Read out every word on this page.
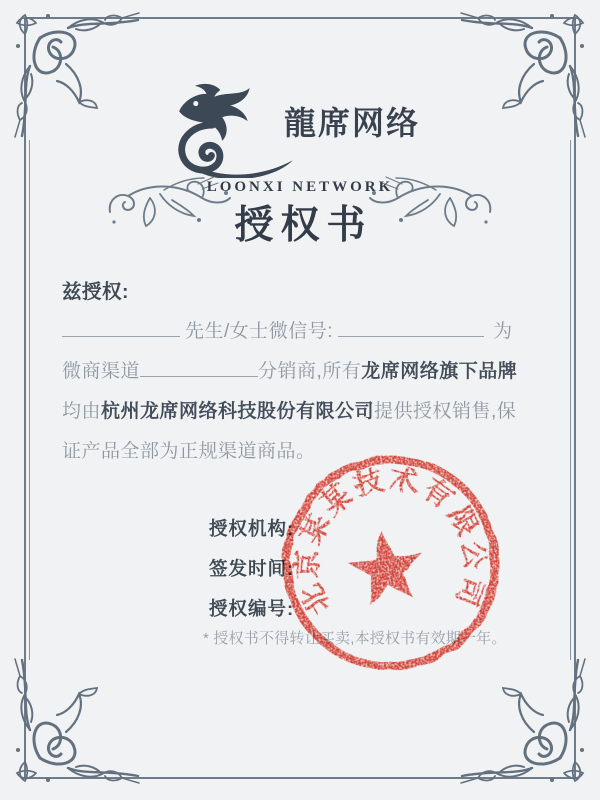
龍席网络
LOONXI NETWORK
授权书
兹授权:
先生/女士微信号:	为
微商渠道	分销商,所有龙席网络旗下品牌
均由杭州龙席网络科技股份有限公司提供授权销售,保
证产品全部为正规渠道商品。
授权机构:
签发时间:
授权编号:
* 授权书不得转让买卖,本授权书有效期一年。
北京某某技术有限公司
